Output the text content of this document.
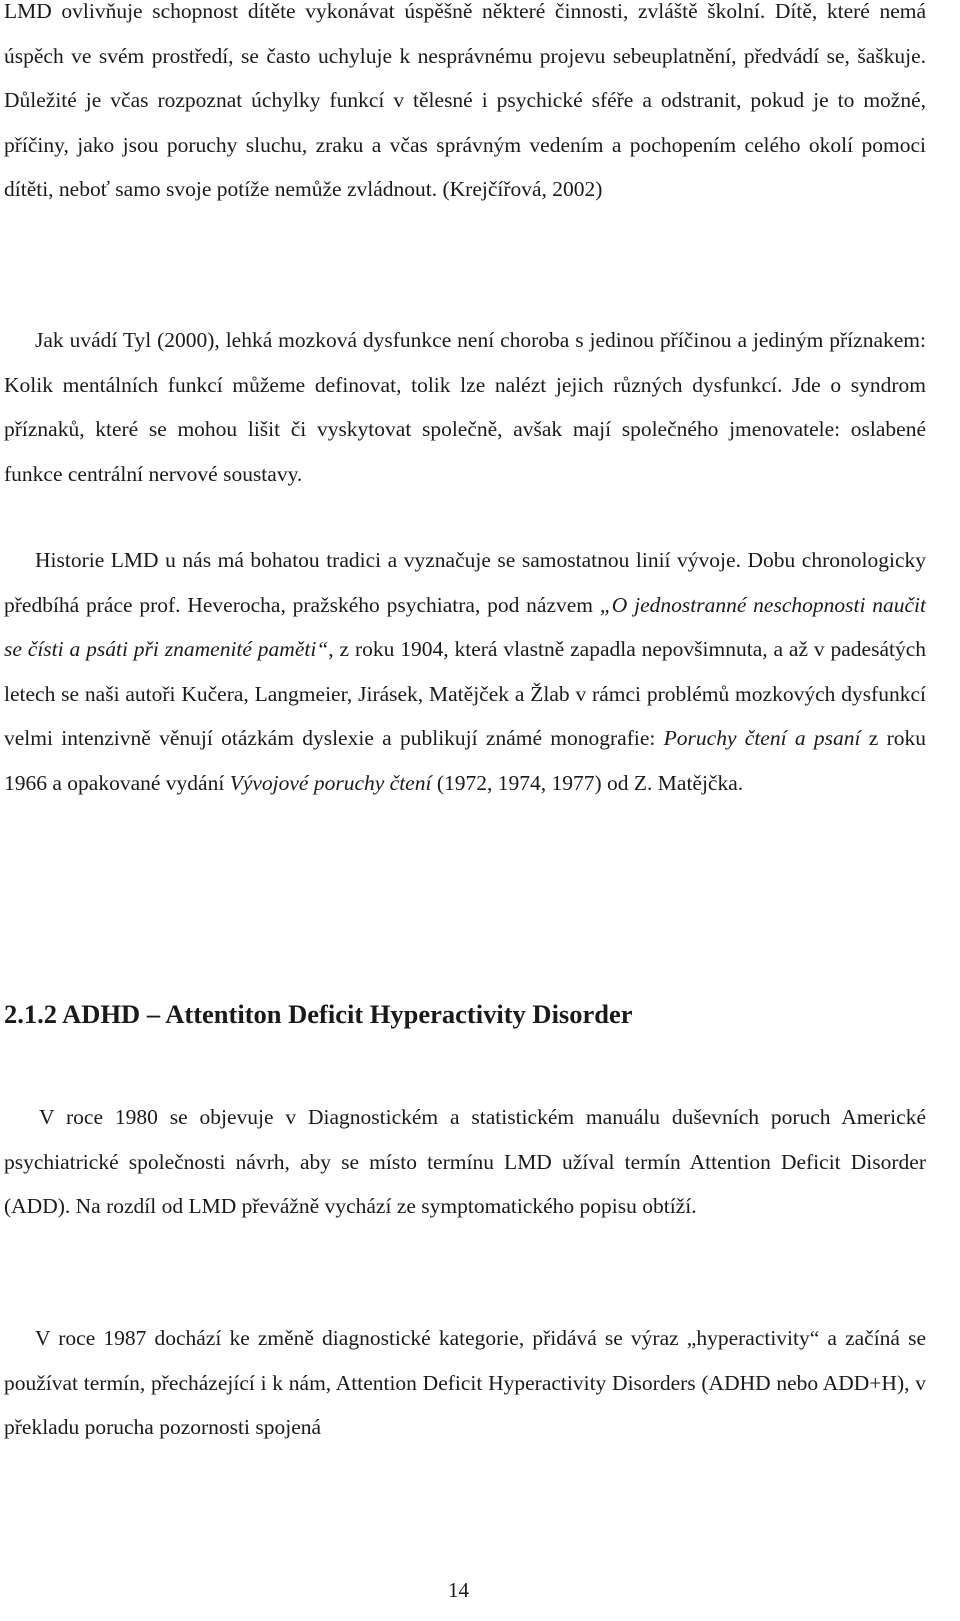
LMD ovlivňuje schopnost dítěte vykonávat úspěšně některé činnosti, zvláště školní. Dítě, které nemá úspěch ve svém prostředí, se často uchyluje k nesprávnému projevu sebeuplatnění, předvádí se, šaškuje. Důležité je včas rozpoznat úchylky funkcí v tělesné i psychické sféře a odstranit, pokud je to možné, příčiny, jako jsou poruchy sluchu, zraku a včas správným vedením a pochopením celého okolí pomoci dítěti, neboť samo svoje potíže nemůže zvládnout. (Krejčířová, 2002)

Jak uvádí Tyl (2000), lehká mozková dysfunkce není choroba s jedinou příčinou a jediným příznakem: Kolik mentálních funkcí můžeme definovat, tolik lze nalézt jejich různých dysfunkcí. Jde o syndrom příznaků, které se mohou lišit či vyskytovat společně, avšak mají společného jmenovatele: oslabené funkce centrální nervové soustavy.

Historie LMD u nás má bohatou tradici a vyznačuje se samostatnou linií vývoje. Dobu chronologicky předbíhá práce prof. Heverocha, pražského psychiatra, pod názvem „O jednostranné neschopnosti naučit se čísti a psáti při znamenité paměti“, z roku 1904, která vlastně zapadla nepovšimnuta, a až v padesátých letech se naši autoři Kučera, Langmeier, Jirásek, Matějček a Žlab v rámci problémů mozkových dysfunkcí velmi intenzivně věnují otázkám dyslexie a publikují známé monografie: Poruchy čtení a psaní z roku 1966 a opakované vydání Vývojové poruchy čtení (1972, 1974, 1977) od Z. Matějčka.

2.1.2 ADHD – Attentiton Deficit Hyperactivity Disorder

V roce 1980 se objevuje v Diagnostickém a statistickém manuálu duševních poruch Americké psychiatrické společnosti návrh, aby se místo termínu LMD užíval termín Attention Deficit Disorder (ADD). Na rozdíl od LMD převážně vychází ze symptomatického popisu obtíží.

V roce 1987 dochází ke změně diagnostické kategorie, přidává se výraz „hyperactivity“ a začíná se používat termín, přecházející i k nám, Attention Deficit Hyperactivity Disorders (ADHD nebo ADD+H), v překladu porucha pozornosti spojená

14
